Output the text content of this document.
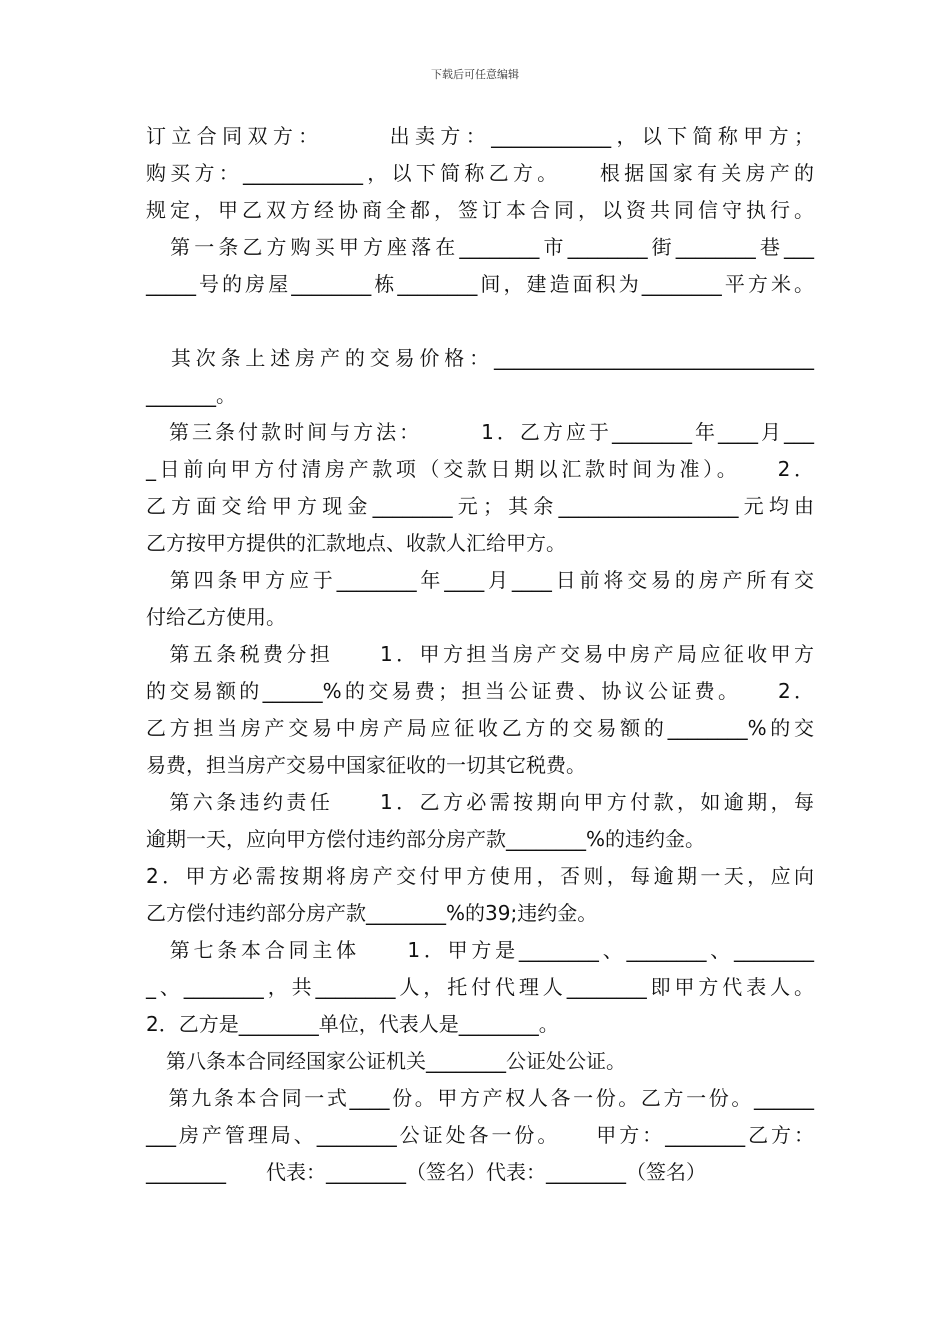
下载后可任意编辑
订立合同双方：　　　出卖方：____________，以下简称甲方；
购买方：____________，以下简称乙方。　　根据国家有关房产的
规定，甲乙双方经协商全都，签订本合同，以资共同信守执行。
　第一条乙方购买甲方座落在________市________街________巷___
_____号的房屋________栋________间，建造面积为________平方米。
　其次条上述房产的交易价格：________________________________
_______。
　第三条付款时间与方法：　　　1．乙方应于________年____月___
_日前向甲方付清房产款项（交款日期以汇款时间为准）。　　2．
乙方面交给甲方现金________元；其余__________________元均由
乙方按甲方提供的汇款地点、收款人汇给甲方。
　第四条甲方应于________年____月____日前将交易的房产所有交
付给乙方使用。
　第五条税费分担　　1．甲方担当房产交易中房产局应征收甲方
的交易额的______%的交易费；担当公证费、协议公证费。　　2．
乙方担当房产交易中房产局应征收乙方的交易额的________%的交
易费，担当房产交易中国家征收的一切其它税费。
　第六条违约责任　　1．乙方必需按期向甲方付款，如逾期，每
逾期一天，应向甲方偿付违约部分房产款________%的违约金。
2．甲方必需按期将房产交付甲方使用，否则，每逾期一天，应向
乙方偿付违约部分房产款________%的39;违约金。
　第七条本合同主体　　1．甲方是________、________、________
_、________，共________人，托付代理人________即甲方代表人。
2．乙方是________单位，代表人是________。
　第八条本合同经国家公证机关________公证处公证。
　第九条本合同一式____份。甲方产权人各一份。乙方一份。______
___房产管理局、________公证处各一份。　　甲方：________乙方：
________　　代表：________（签名）代表：________（签名）
